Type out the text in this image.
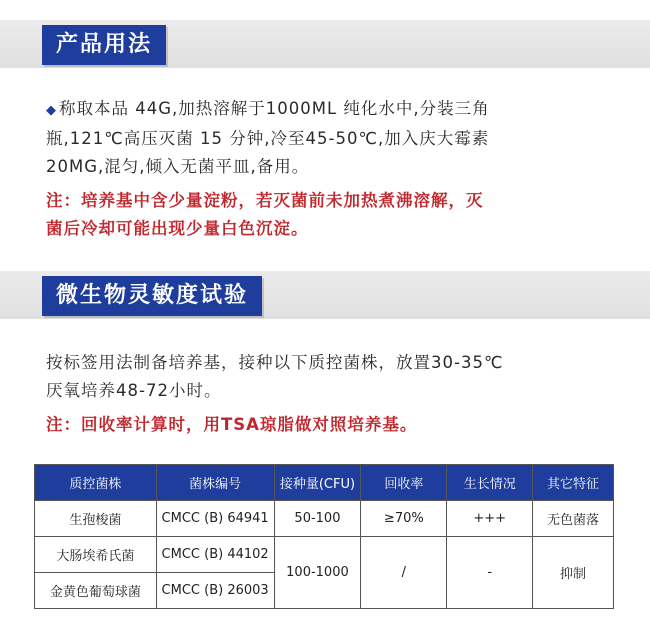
产品用法
◆ 称取本品 44G,加热溶解于1000ML 纯化水中,分装三角
瓶,121℃高压灭菌 15 分钟,冷至45-50℃,加入庆大霉素
20MG,混匀,倾入无菌平皿,备用。
注：培养基中含少量淀粉，若灭菌前未加热煮沸溶解，灭
菌后冷却可能出现少量白色沉淀。
微生物灵敏度试验
按标签用法制备培养基，接种以下质控菌株，放置30-35℃
厌氧培养48-72小时。
注：回收率计算时，用TSA琼脂做对照培养基。
质控菌株	菌株编号	接种量(CFU)	回收率	生长情况	其它特征
生孢梭菌	CMCC (B) 64941	50-100	≥70%	+++	无色菌落
大肠埃希氏菌	CMCC (B) 44102	100-1000	/	-	抑制
金黄色葡萄球菌	CMCC (B) 26003				
